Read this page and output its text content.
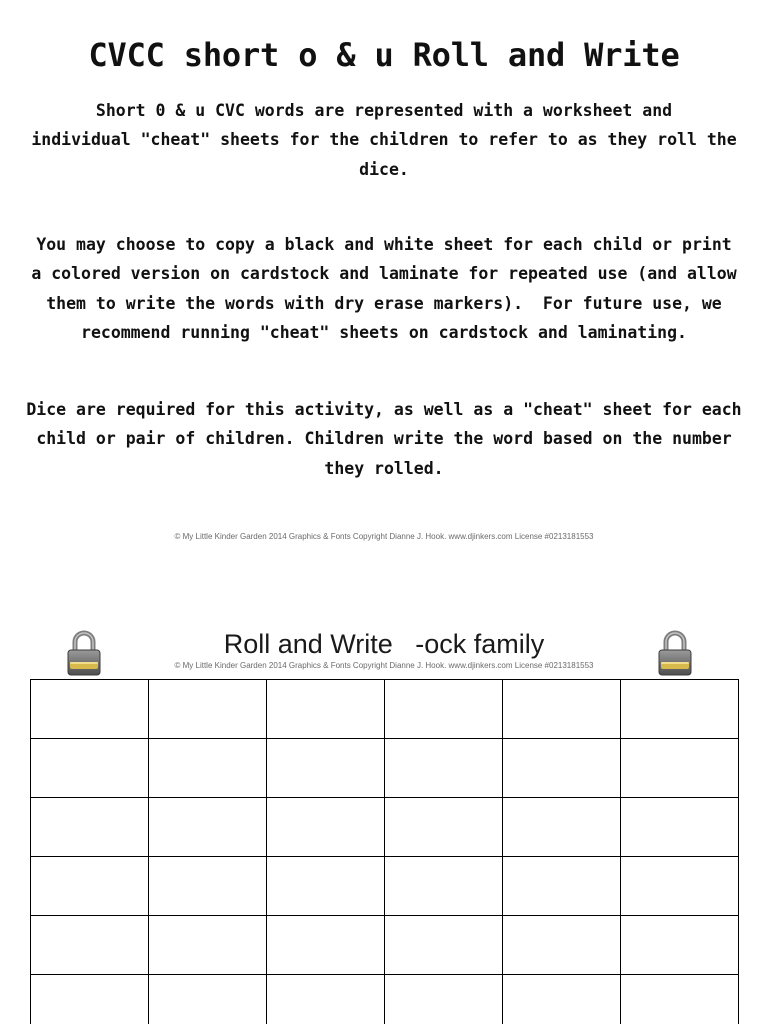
CVCC short o & u Roll and Write
Short 0 & u CVC words are represented with a worksheet and
individual "cheat" sheets for the children to refer to as they roll the
dice.
You may choose to copy a black and white sheet for each child or print
a colored version on cardstock and laminate for repeated use (and allow
them to write the words with dry erase markers).  For future use, we
recommend running "cheat" sheets on cardstock and laminating.
Dice are required for this activity, as well as a "cheat" sheet for each
child or pair of children. Children write the word based on the number
they rolled.
© My Little Kinder Garden 2014 Graphics & Fonts Copyright Dianne J. Hook. www.djinkers.com License #0213181553
Roll and Write   -ock family
© My Little Kinder Garden 2014 Graphics & Fonts Copyright Dianne J. Hook. www.djinkers.com License #0213181553
